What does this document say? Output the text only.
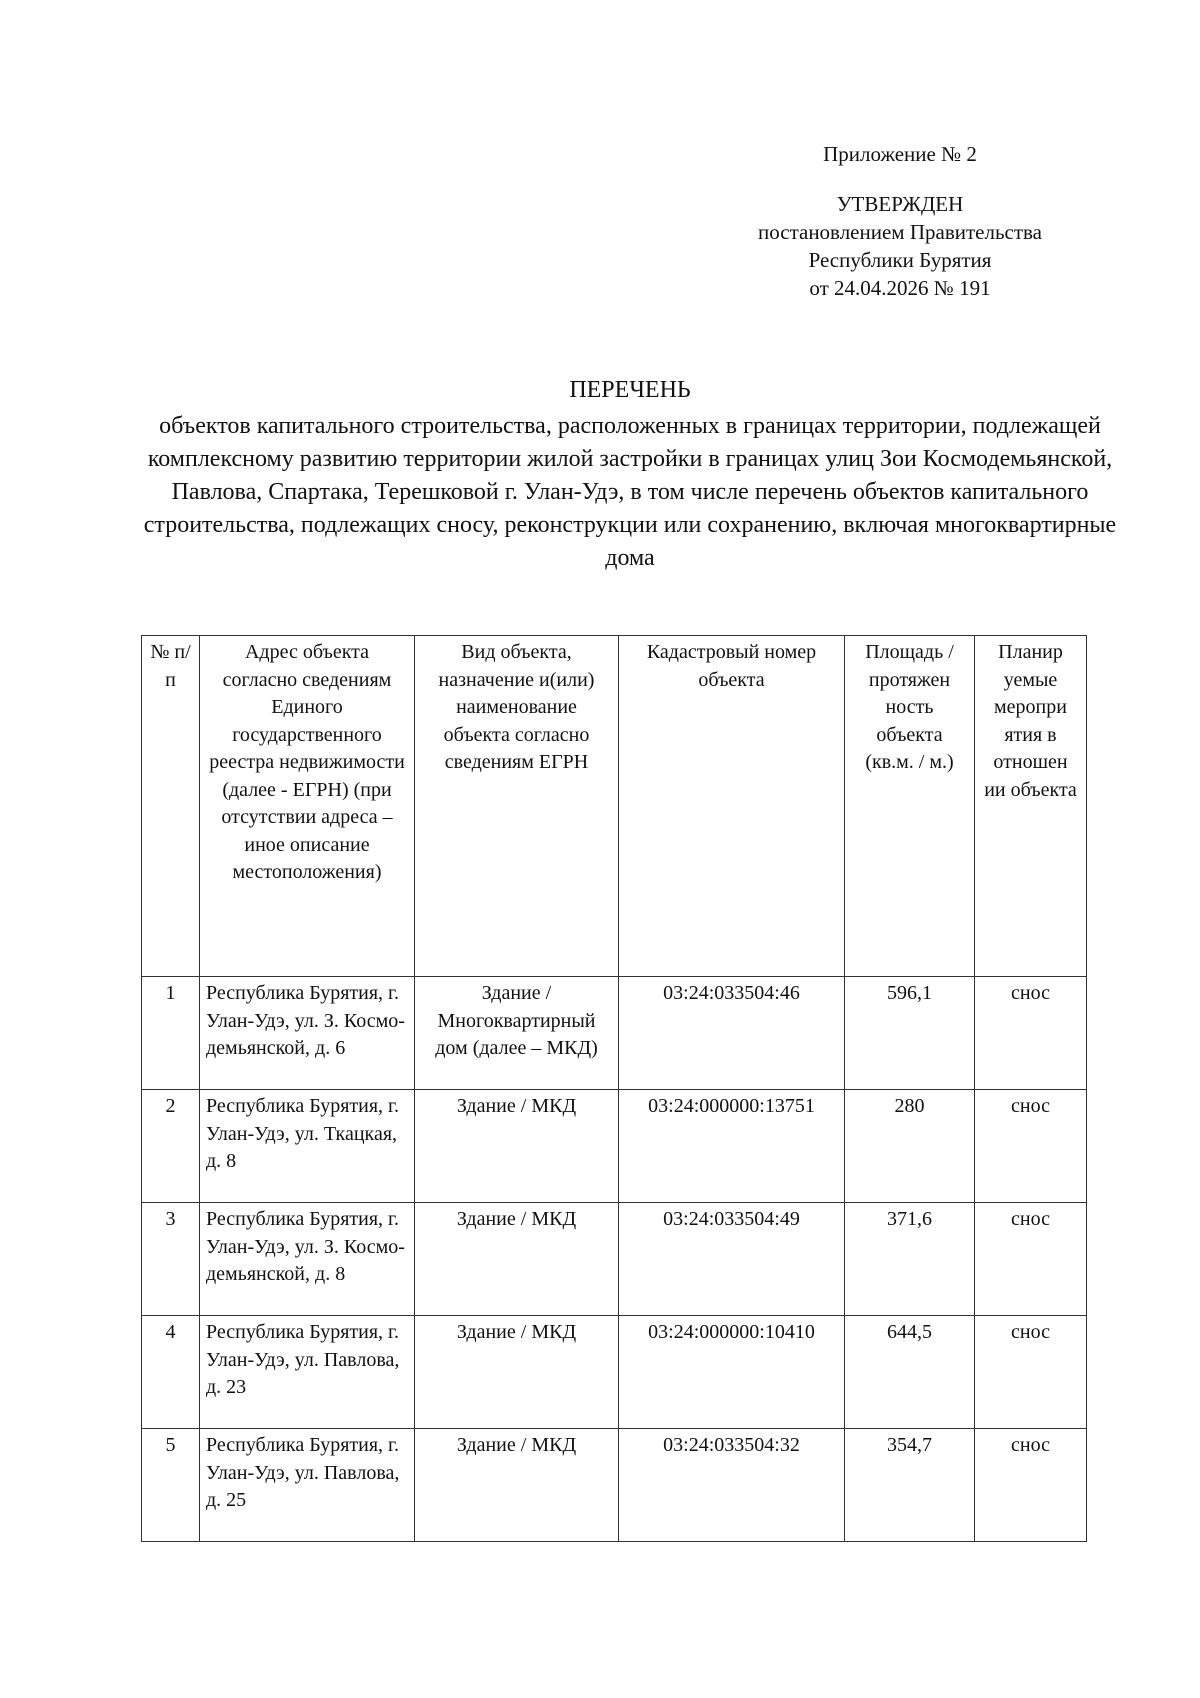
Приложение № 2
УТВЕРЖДЕН
постановлением Правительства
Республики Бурятия
от 24.04.2026 № 191
ПЕРЕЧЕНЬ
объектов капитального строительства, расположенных в границах территории, подлежащей комплексному развитию территории жилой застройки в границах улиц Зои Космодемьянской, Павлова, Спартака, Терешковой г. Улан-Удэ, в том числе перечень объектов капитального строительства, подлежащих сносу, реконструкции или сохранению, включая многоквартирные дома
№ п/п	Адрес объекта согласно сведениям Единого государственного реестра недвижимости (далее - ЕГРН) (при отсутствии адреса – иное описание местоположения)	Вид объекта, назначение и(или) наименование объекта согласно сведениям ЕГРН	Кадастровый номер объекта	Площадь / протяжен ность объекта (кв.м. / м.)	Планир уемые меропри ятия в отношен ии объекта
1	Республика Бурятия, г. Улан-Удэ, ул. З. Космо-демьянской, д. 6	Здание / Многоквартирный дом (далее – МКД)	03:24:033504:46	596,1	снос
2	Республика Бурятия, г. Улан-Удэ, ул. Ткацкая, д. 8	Здание / МКД	03:24:000000:13751	280	снос
3	Республика Бурятия, г. Улан-Удэ, ул. З. Космо-демьянской, д. 8	Здание / МКД	03:24:033504:49	371,6	снос
4	Республика Бурятия, г. Улан-Удэ, ул. Павлова, д. 23	Здание / МКД	03:24:000000:10410	644,5	снос
5	Республика Бурятия, г. Улан-Удэ, ул. Павлова, д. 25	Здание / МКД	03:24:033504:32	354,7	снос
